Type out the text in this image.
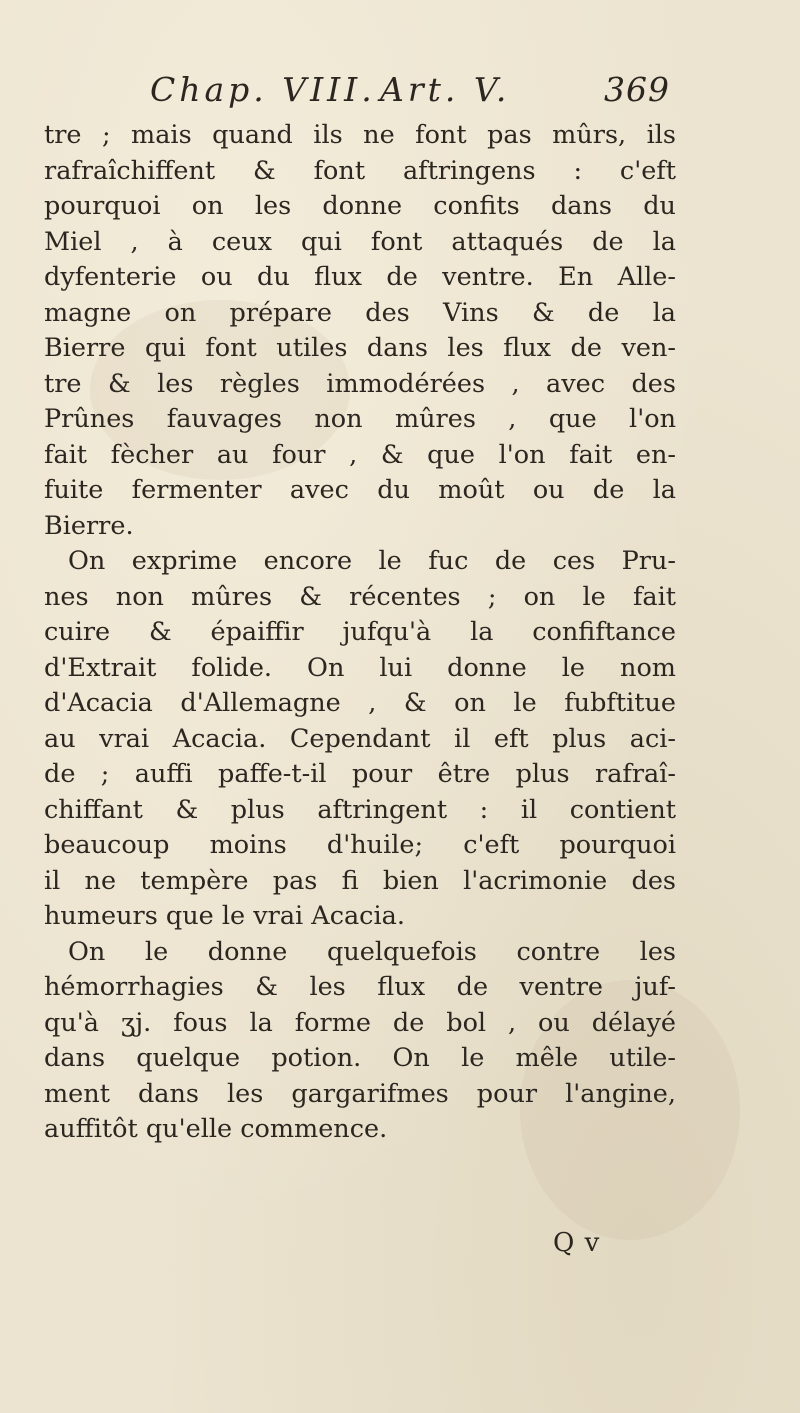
Chap. VIII. Art. V.	369
tre ; mais quand ils ne font pas mûrs, ils
rafraîchiffent & font aftringens : c'eft
pourquoi on les donne confits dans du
Miel , à ceux qui font attaqués de la
dyfenterie ou du flux de ventre. En Alle-
magne on prépare des Vins & de la
Bierre qui font utiles dans les flux de ven-
tre & les règles immodérées , avec des
Prûnes fauvages non mûres , que l'on
fait fècher au four , & que l'on fait en-
fuite fermenter avec du moût ou de la
Bierre.
On exprime encore le fuc de ces Pru-
nes non mûres & récentes ; on le fait
cuire & épaiffir jufqu'à la confiftance
d'Extrait folide. On lui donne le nom
d'Acacia d'Allemagne , & on le fubftitue
au vrai Acacia. Cependant il eft plus aci-
de ; auffi paffe-t-il pour être plus rafraî-
chiffant & plus aftringent : il contient
beaucoup moins d'huile; c'eft pourquoi
il ne tempère pas fi bien l'acrimonie des
humeurs que le vrai Acacia.
On le donne quelquefois contre les
hémorrhagies & les flux de ventre juf-
qu'à ʒj. fous la forme de bol , ou délayé
dans quelque potion. On le mêle utile-
ment dans les gargarifmes pour l'angine,
auffitôt qu'elle commence.
Q v
